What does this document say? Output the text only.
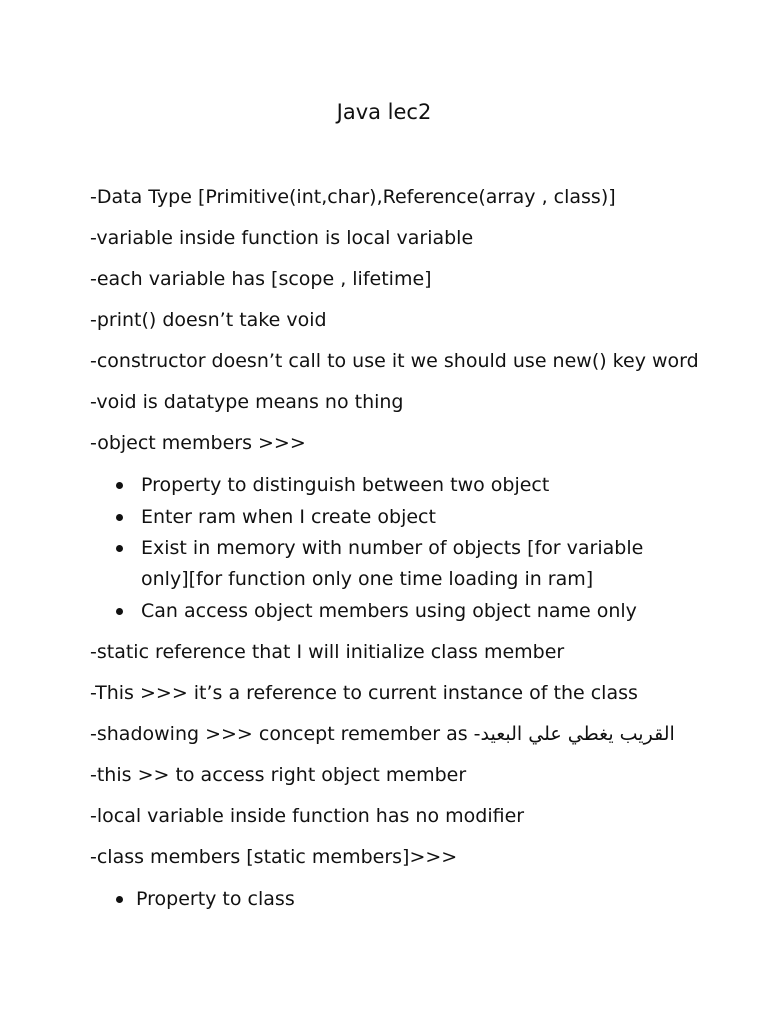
Java lec2
-Data Type [Primitive(int,char),Reference(array , class)]
-variable inside function is local variable
-each variable has [scope , lifetime]
-print() doesn’t take void
-constructor doesn’t call to use it we should use new() key word
-void is datatype means no thing
-object members >>>
Property to distinguish between two object
Enter ram when I create object
Exist in memory with number of objects [for variable only][for function only one time loading in ram]
Can access object members using object name only
-static reference that I will initialize class member
-This >>> it’s a reference to current instance of the class
-shadowing >>> concept remember as -القريب يغطي علي البعيد
-this >> to access right object member
-local variable inside function has no modifier
-class members [static members]>>>
Property to class
